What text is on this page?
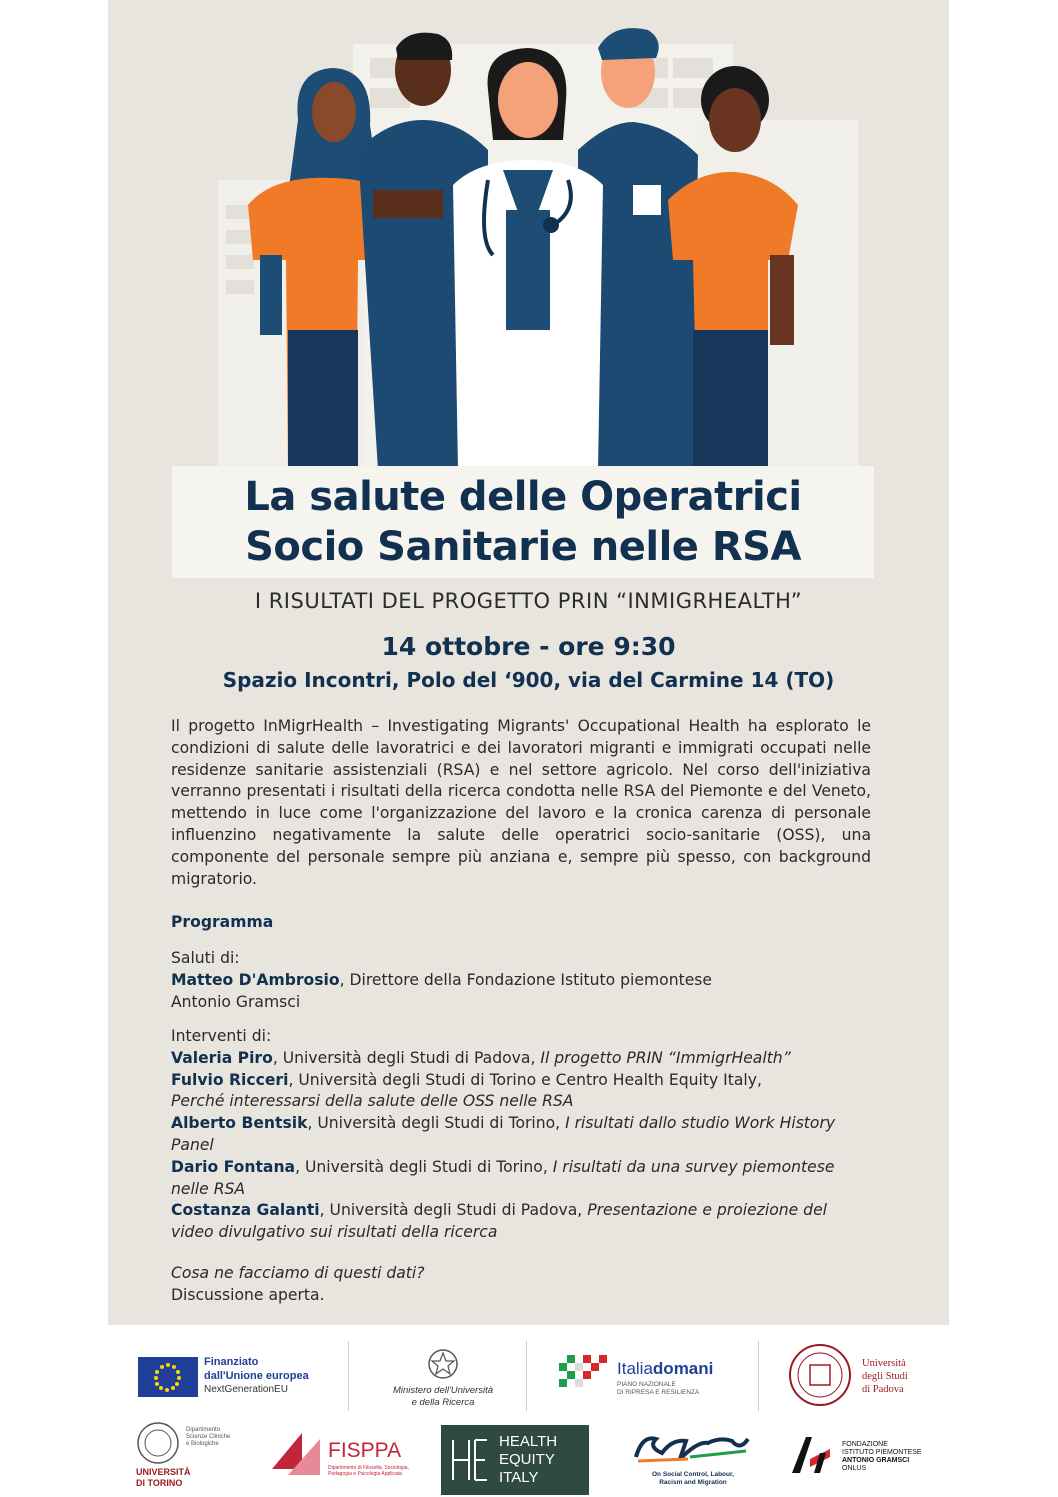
La salute delle Operatrici
Socio Sanitarie nelle RSA
I RISULTATI DEL PROGETTO PRIN “INMIGRHEALTH”
14 ottobre - ore 9:30
Spazio Incontri, Polo del ‘900, via del Carmine 14 (TO)
Il progetto InMigrHealth – Investigating Migrants' Occupational Health ha esplorato le condizioni di salute delle lavoratrici e dei lavoratori migranti e immigrati occupati nelle residenze sanitarie assistenziali (RSA) e nel settore agricolo. Nel corso dell'iniziativa verranno presentati i risultati della ricerca condotta nelle RSA del Piemonte e del Veneto, mettendo in luce come l'organizzazione del lavoro e la cronica carenza di personale influenzino negativamente la salute delle operatrici socio-sanitarie (OSS), una componente del personale sempre più anziana e, sempre più spesso, con background migratorio.
Programma

Saluti di:

Matteo D'Ambrosio, Direttore della Fondazione Istituto piemontese

Antonio Gramsci

Interventi di:

Valeria Piro, Università degli Studi di Padova, Il progetto PRIN “ImmigrHealth”

Fulvio Ricceri, Università degli Studi di Torino e Centro Health Equity Italy,
Perché interessarsi della salute delle OSS nelle RSA

Alberto Bentsik, Università degli Studi di Torino, I risultati dallo studio Work History Panel

Dario Fontana, Università degli Studi di Torino, I risultati da una survey piemontese nelle RSA

Costanza Galanti, Università degli Studi di Padova, Presentazione e proiezione del video divulgativo sui risultati della ricerca

Cosa ne facciamo di questi dati?

Discussione aperta.

Finanziato
dall'Unione europea
NextGenerationEU	Ministero dell'Università
e della Ricerca
Italiadomani
PIANO NAZIONALE
DI RIPRESA E RESILIENZA
Università
degli Studi
di Padova
Dipartimento
Scienze Cliniche
e Biologiche
UNIVERSITÀ
DI TORINO
FISPPA
Dipartimento di Filosofia, Sociologia,
Pedagogia e Psicologia Applicata
HEALTH
EQUITY
ITALY	On Social Control, Labour,
Racism and Migration
FONDAZIONE
ISTITUTO PIEMONTESE
ANTONIO GRAMSCI
ONLUS
